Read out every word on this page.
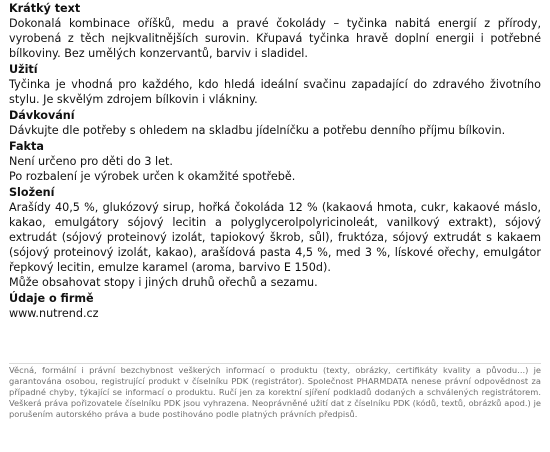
Krátký text

Dokonalá kombinace oříšků, medu a pravé čokolády – tyčinka nabitá energií z přírody, vyrobená z těch nejkvalitnějších surovin. Křupavá tyčinka hravě doplní energii i potřebné bílkoviny. Bez umělých konzervantů, barviv i sladidel.

Užití

Tyčinka je vhodná pro každého, kdo hledá ideální svačinu zapadající do zdravého životního stylu. Je skvělým zdrojem bílkovin i vlákniny.

Dávkování

Dávkujte dle potřeby s ohledem na skladbu jídelníčku a potřebu denního příjmu bílkovin.

Fakta

Není určeno pro děti do 3 let.

Po rozbalení je výrobek určen k okamžité spotřebě.

Složení

Arašídy 40,5 %, glukózový sirup, hořká čokoláda 12 % (kakaová hmota, cukr, kakaové máslo, kakao, emulgátory sójový lecitin a polyglycerolpolyricinoleát, vanilkový extrakt), sójový extrudát (sójový proteinový izolát, tapiokový škrob, sůl), fruktóza, sójový extrudát s kakaem (sójový proteinový izolát, kakao), arašídová pasta 4,5 %, med 3 %, lískové ořechy, emulgátor řepkový lecitin, emulze karamel (aroma, barvivo E 150d).

Může obsahovat stopy i jiných druhů ořechů a sezamu.

Údaje o firmě

www.nutrend.cz

Věcná, formální i právní bezchybnost veškerých informací o produktu (texty, obrázky, certifikáty kvality a původu...) je garantována osobou, registrující produkt v číselníku PDK (registrátor). Společnost PHARMDATA nenese právní odpovědnost za případné chyby, týkající se informací o produktu. Ručí jen za korektní sjíření podkladů dodaných a schválených registrátorem. Veškerá práva pořizovatele číselníku PDK jsou vyhrazena. Neoprávněné užití dat z číselníku PDK (kódů, textů, obrázků apod.) je porušením autorského práva a bude postihováno podle platných právních předpisů.
